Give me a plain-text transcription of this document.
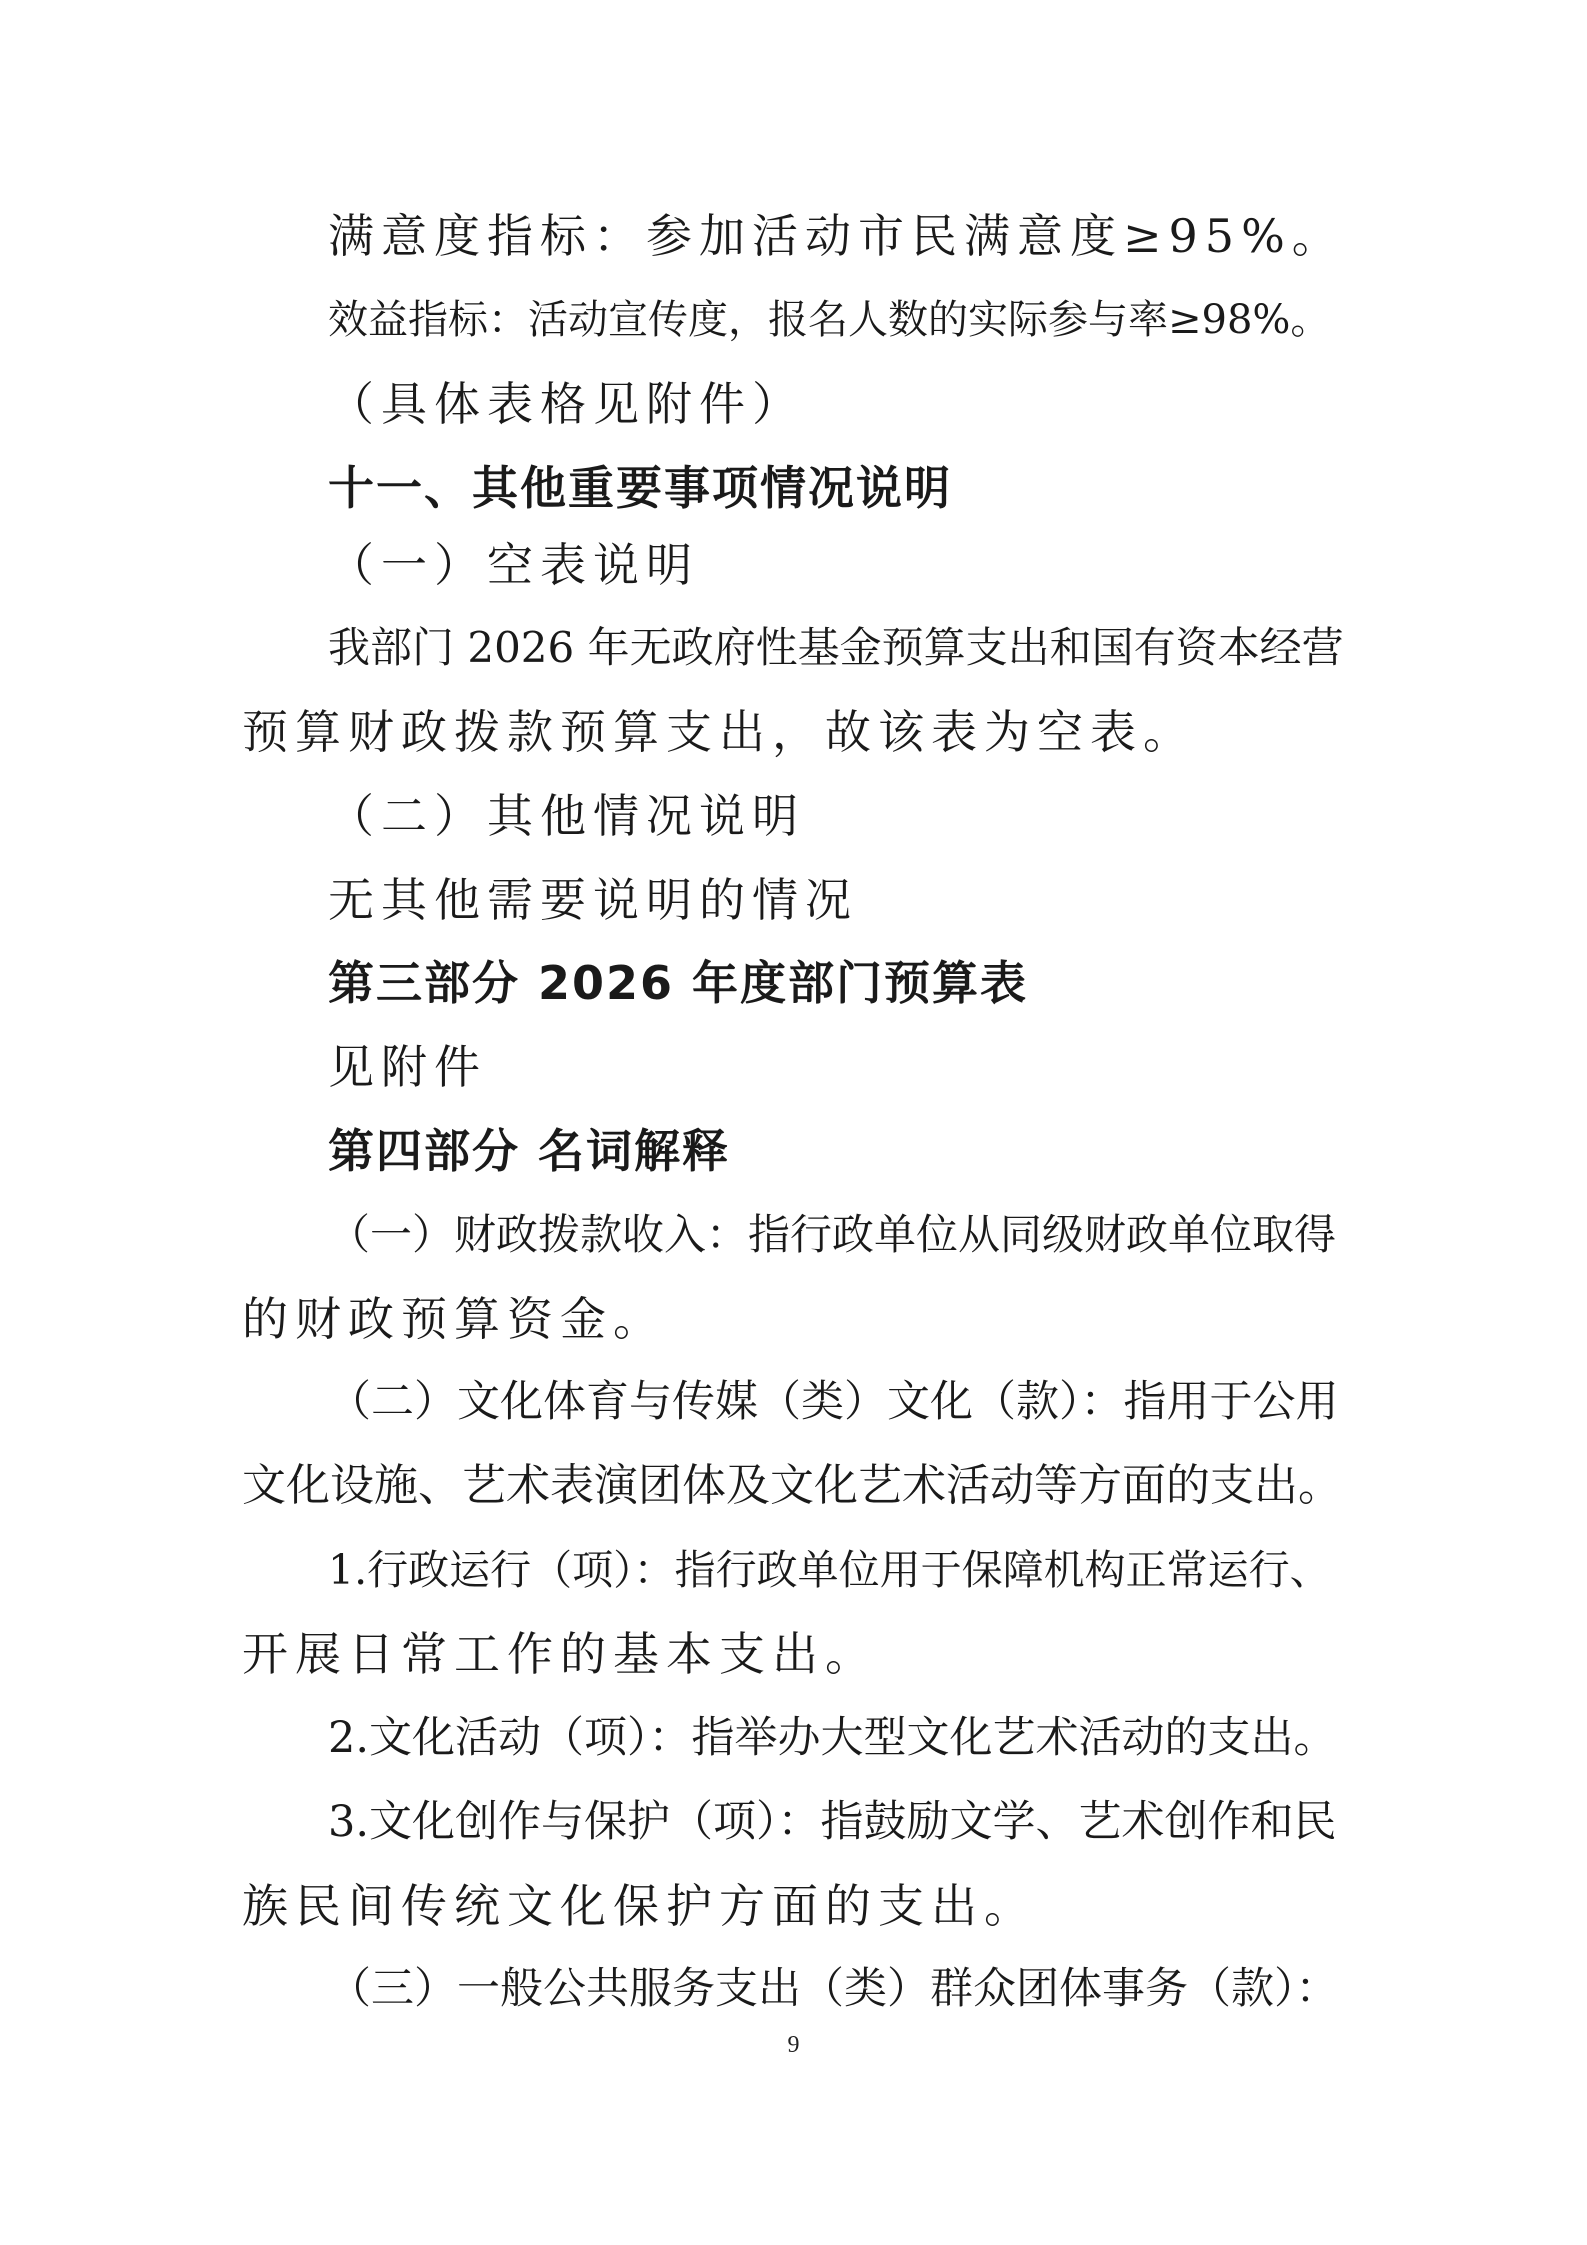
满意度指标：参加活动市民满意度≥95%。
效益指标：活动宣传度，报名人数的实际参与率≥98%。
（具体表格见附件）
十一、其他重要事项情况说明
（一）空表说明
我部门 2026 年无政府性基金预算支出和国有资本经营
预算财政拨款预算支出，故该表为空表。
（二）其他情况说明
无其他需要说明的情况
第三部分 2026 年度部门预算表
见附件
第四部分 名词解释
（一）财政拨款收入：指行政单位从同级财政单位取得
的财政预算资金。
（二）文化体育与传媒（类）文化（款）：指用于公用
文化设施、艺术表演团体及文化艺术活动等方面的支出。
1.行政运行（项）：指行政单位用于保障机构正常运行、
开展日常工作的基本支出。
2.文化活动（项）：指举办大型文化艺术活动的支出。
3.文化创作与保护（项）：指鼓励文学、艺术创作和民
族民间传统文化保护方面的支出。
（三）一般公共服务支出（类）群众团体事务（款）：
9
